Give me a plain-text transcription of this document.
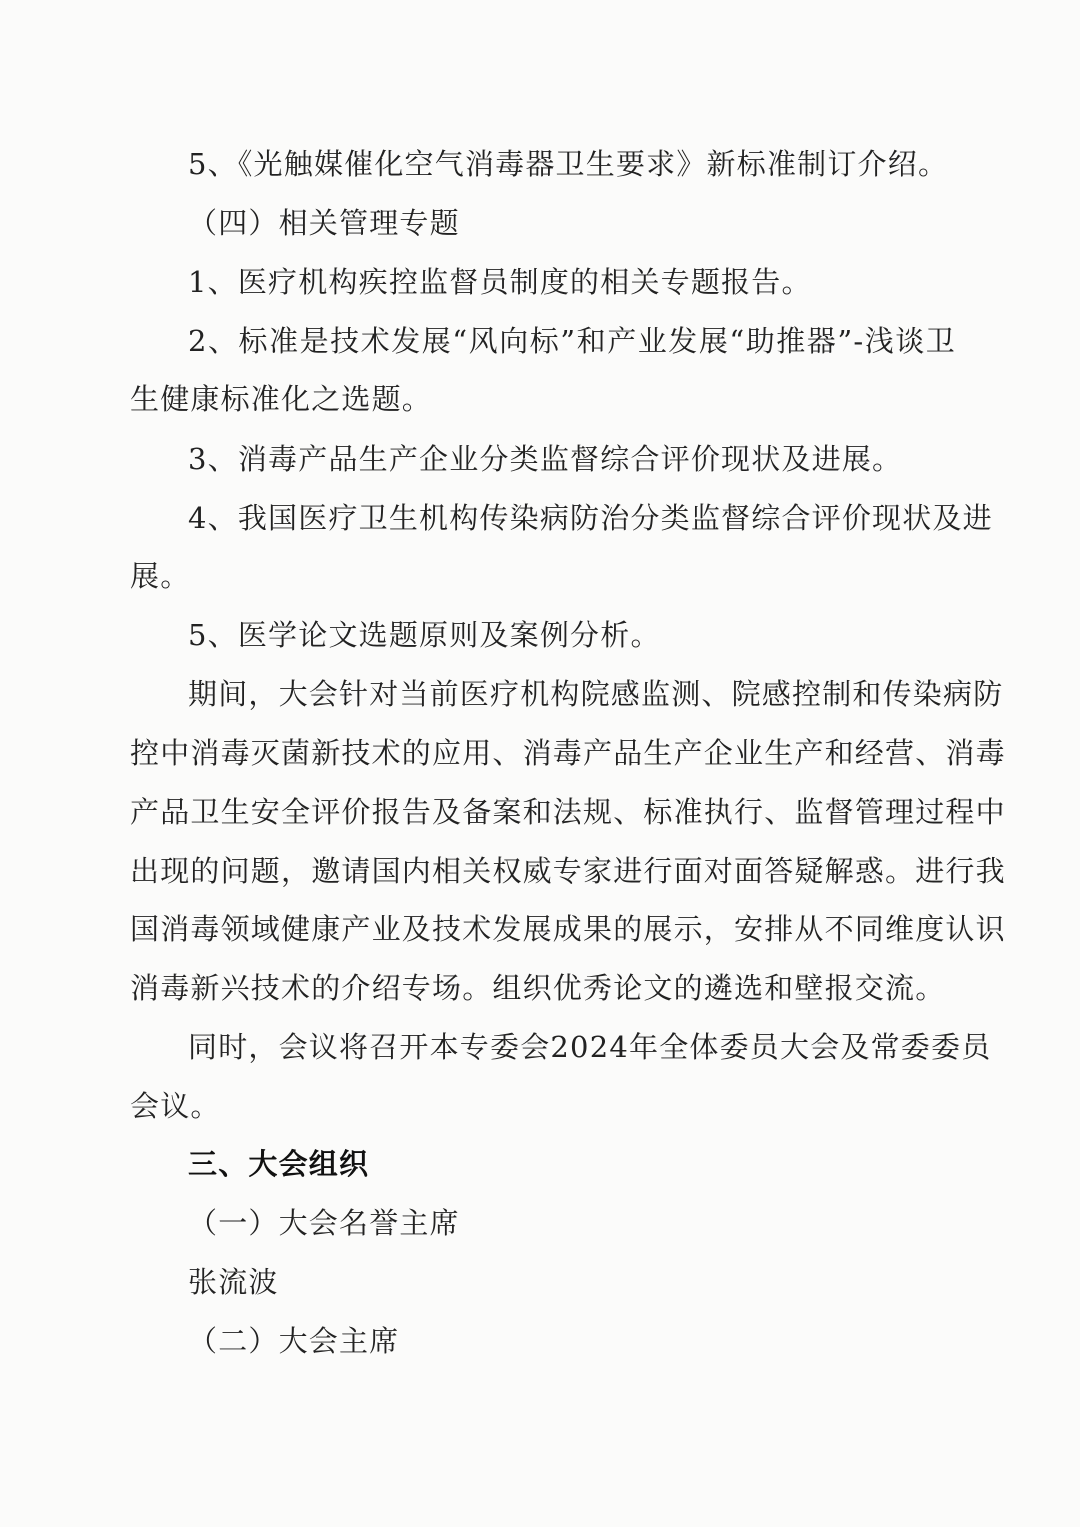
5、《光触媒催化空气消毒器卫生要求》新标准制订介绍。
（四）相关管理专题
1、医疗机构疾控监督员制度的相关专题报告。
2、标准是技术发展“风向标”和产业发展“助推器”-浅谈卫
生健康标准化之选题。
3、消毒产品生产企业分类监督综合评价现状及进展。
4、我国医疗卫生机构传染病防治分类监督综合评价现状及进
展。
5、医学论文选题原则及案例分析。
期间，大会针对当前医疗机构院感监测、院感控制和传染病防
控中消毒灭菌新技术的应用、消毒产品生产企业生产和经营、消毒
产品卫生安全评价报告及备案和法规、标准执行、监督管理过程中
出现的问题，邀请国内相关权威专家进行面对面答疑解惑。进行我
国消毒领域健康产业及技术发展成果的展示，安排从不同维度认识
消毒新兴技术的介绍专场。组织优秀论文的遴选和壁报交流。
同时，会议将召开本专委会2024年全体委员大会及常委委员
会议。
三、大会组织
（一）大会名誉主席
张流波
（二）大会主席
